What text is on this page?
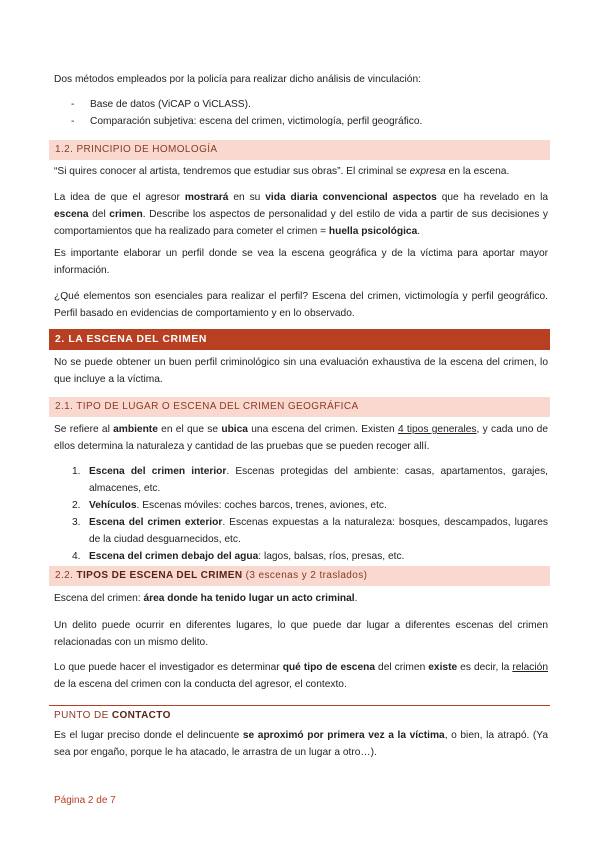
Dos métodos empleados por la policía para realizar dicho análisis de vinculación:

- Base de datos (ViCAP o ViCLASS).
- Comparación subjetiva: escena del crimen, victimología, perfil geográfico.
1.2. PRINCIPIO DE HOMOLOGÍA

“Si quires conocer al artista, tendremos que estudiar sus obras”. El criminal se expresa en la escena.

La idea de que el agresor mostrará en su vida diaria convencional aspectos que ha revelado en la escena del crimen. Describe los aspectos de personalidad y del estilo de vida a partir de sus decisiones y comportamientos que ha realizado para cometer el crimen = huella psicológica.

Es importante elaborar un perfil donde se vea la escena geográfica y de la víctima para aportar mayor información.

¿Qué elementos son esenciales para realizar el perfil? Escena del crimen, victimología y perfil geográfico. Perfil basado en evidencias de comportamiento y en lo observado.

2. LA ESCENA DEL CRIMEN

No se puede obtener un buen perfil criminológico sin una evaluación exhaustiva de la escena del crimen, lo que incluye a la víctima.

2.1. TIPO DE LUGAR O ESCENA DEL CRIMEN GEOGRÁFICA

Se refiere al ambiente en el que se ubica una escena del crimen. Existen 4 tipos generales, y cada uno de ellos determina la naturaleza y cantidad de las pruebas que se pueden recoger allí.

1. Escena del crimen interior. Escenas protegidas del ambiente: casas, apartamentos, garajes, almacenes, etc.
2. Vehículos. Escenas móviles: coches barcos, trenes, aviones, etc.
3. Escena del crimen exterior. Escenas expuestas a la naturaleza: bosques, descampados, lugares de la ciudad desguarnecidos, etc.
4. Escena del crimen debajo del agua: lagos, balsas, ríos, presas, etc.
2.2. TIPOS DE ESCENA DEL CRIMEN (3 escenas y 2 traslados)

Escena del crimen: área donde ha tenido lugar un acto criminal.

Un delito puede ocurrir en diferentes lugares, lo que puede dar lugar a diferentes escenas del crimen relacionadas con un mismo delito.

Lo que puede hacer el investigador es determinar qué tipo de escena del crimen existe es decir, la relación de la escena del crimen con la conducta del agresor, el contexto.

PUNTO DE CONTACTO

Es el lugar preciso donde el delincuente se aproximó por primera vez a la víctima, o bien, la atrapó. (Ya sea por engaño, porque le ha atacado, le arrastra de un lugar a otro…).

Página 2 de 7
